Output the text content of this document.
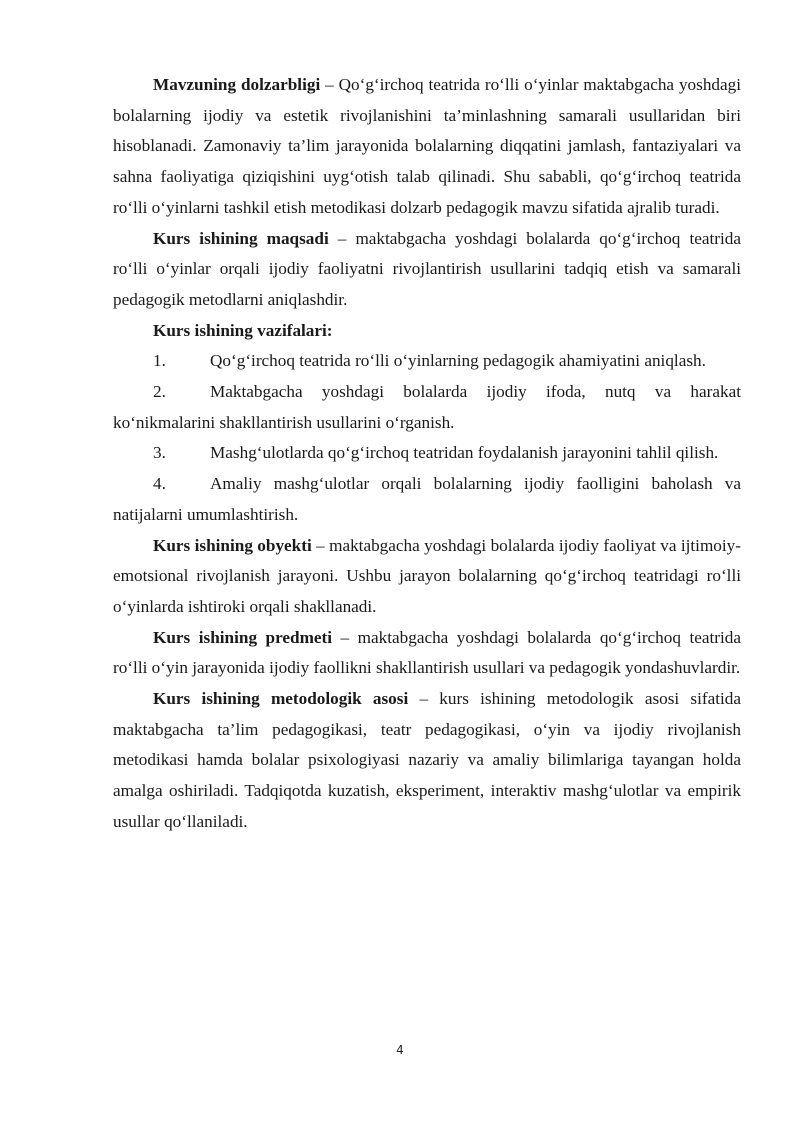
Mavzuning dolzarbligi – Qo‘g‘irchoq teatrida ro‘lli o‘yinlar maktabgacha yoshdagi bolalarning ijodiy va estetik rivojlanishini ta’minlashning samarali usullaridan biri hisoblanadi. Zamonaviy ta’lim jarayonida bolalarning diqqatini jamlash, fantaziyalari va sahna faoliyatiga qiziqishini uyg‘otish talab qilinadi. Shu sababli, qo‘g‘irchoq teatrida ro‘lli o‘yinlarni tashkil etish metodikasi dolzarb pedagogik mavzu sifatida ajralib turadi.

Kurs ishining maqsadi – maktabgacha yoshdagi bolalarda qo‘g‘irchoq teatrida ro‘lli o‘yinlar orqali ijodiy faoliyatni rivojlantirish usullarini tadqiq etish va samarali pedagogik metodlarni aniqlashdir.

Kurs ishining vazifalari:

1.	Qo‘g‘irchoq teatrida ro‘lli o‘yinlarning pedagogik ahamiyatini aniqlash.

2.	Maktabgacha yoshdagi bolalarda ijodiy ifoda, nutq va harakat ko‘nikmalarini shakllantirish usullarini o‘rganish.

3.	Mashg‘ulotlarda qo‘g‘irchoq teatridan foydalanish jarayonini tahlil qilish.

4.	Amaliy mashg‘ulotlar orqali bolalarning ijodiy faolligini baholash va natijalarni umumlashtirish.

Kurs ishining obyekti – maktabgacha yoshdagi bolalarda ijodiy faoliyat va ijtimoiy-emotsional rivojlanish jarayoni. Ushbu jarayon bolalarning qo‘g‘irchoq teatridagi ro‘lli o‘yinlarda ishtiroki orqali shakllanadi.

Kurs ishining predmeti – maktabgacha yoshdagi bolalarda qo‘g‘irchoq teatrida ro‘lli o‘yin jarayonida ijodiy faollikni shakllantirish usullari va pedagogik yondashuvlardir.

Kurs ishining metodologik asosi – kurs ishining metodologik asosi sifatida maktabgacha ta’lim pedagogikasi, teatr pedagogikasi, o‘yin va ijodiy rivojlanish metodikasi hamda bolalar psixologiyasi nazariy va amaliy bilimlariga tayangan holda amalga oshiriladi. Tadqiqotda kuzatish, eksperiment, interaktiv mashg‘ulotlar va empirik usullar qo‘llaniladi.

4
